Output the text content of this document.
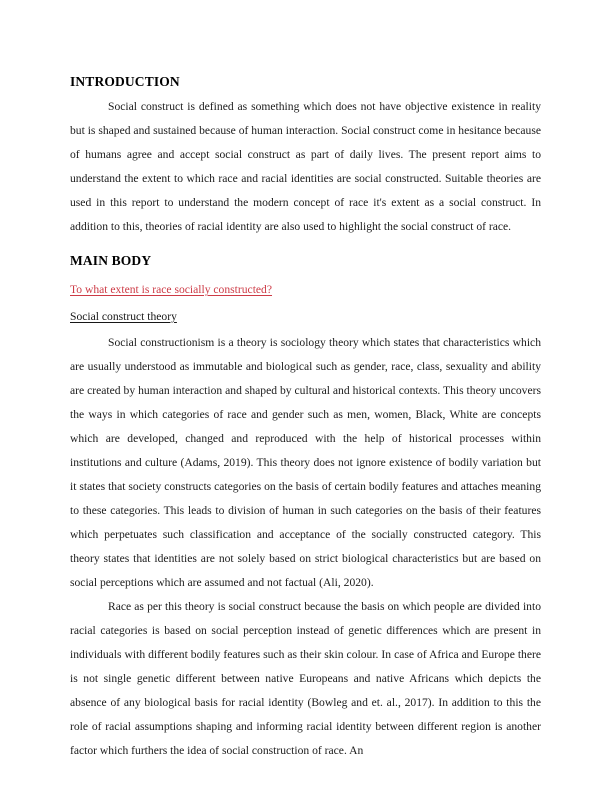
INTRODUCTION

Social construct is defined as something which does not have objective existence in reality but is shaped and sustained because of human interaction. Social construct come in hesitance because of humans agree and accept social construct as part of daily lives. The present report aims to understand the extent to which race and racial identities are social constructed. Suitable theories are used in this report to understand the modern concept of race it's extent as a social construct. In addition to this, theories of racial identity are also used to highlight the social construct of race.

MAIN BODY
To what extent is race socially constructed?
Social construct theory

Social constructionism is a theory is sociology theory which states that characteristics which are usually understood as immutable and biological such as gender, race, class, sexuality and ability are created by human interaction and shaped by cultural and historical contexts. This theory uncovers the ways in which categories of race and gender such as men, women, Black, White are concepts which are developed, changed and reproduced with the help of historical processes within institutions and culture (Adams, 2019). This theory does not ignore existence of bodily variation but it states that society constructs categories on the basis of certain bodily features and attaches meaning to these categories. This leads to division of human in such categories on the basis of their features which perpetuates such classification and acceptance of the socially constructed category. This theory states that identities are not solely based on strict biological characteristics but are based on social perceptions which are assumed and not factual (Ali, 2020).

Race as per this theory is social construct because the basis on which people are divided into racial categories is based on social perception instead of genetic differences which are present in individuals with different bodily features such as their skin colour. In case of Africa and Europe there is not single genetic different between native Europeans and native Africans which depicts the absence of any biological basis for racial identity (Bowleg and et. al., 2017). In addition to this the role of racial assumptions shaping and informing racial identity between different region is another factor which furthers the idea of social construction of race. An
